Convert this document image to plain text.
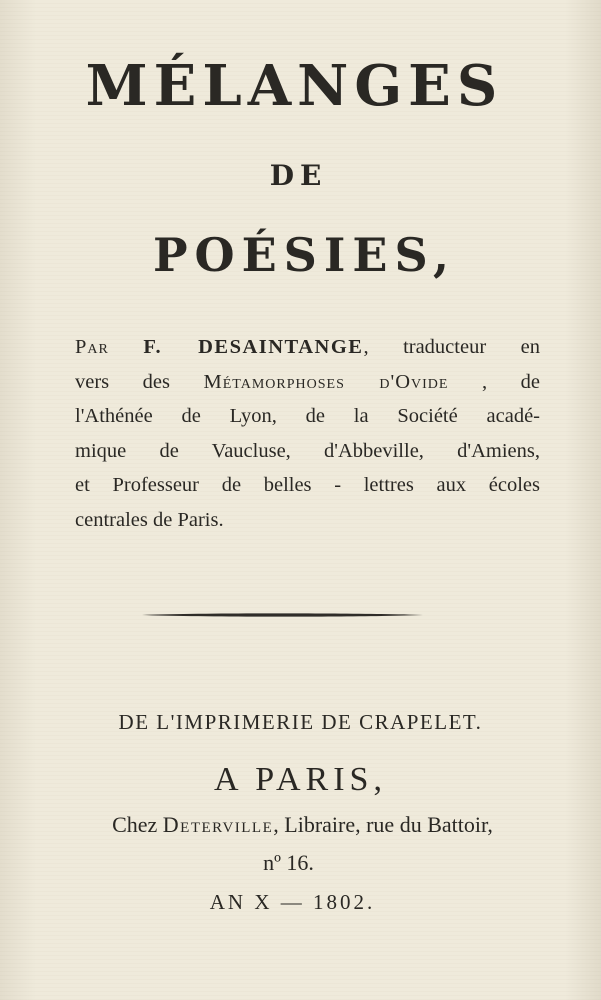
MÉLANGES
DE
POÉSIES,
Par F. DESAINTANGE, traducteur en
vers des Métamorphoses d'Ovide , de
l'Athénée de Lyon, de la Société acadé-
mique de Vaucluse, d'Abbeville, d'Amiens,
et Professeur de belles - lettres aux écoles
centrales de Paris.
DE L'IMPRIMERIE DE CRAPELET.
A PARIS,
Chez Deterville, Libraire, rue du Battoir,
nº 16.
AN X — 1802.
